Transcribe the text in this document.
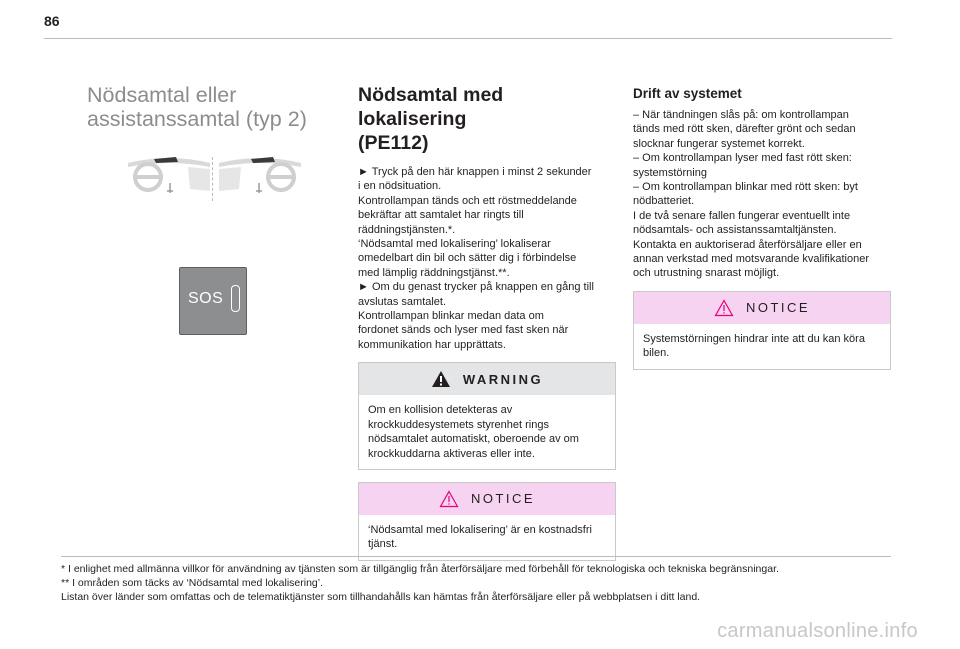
86
Nödsamtal eller
assistanssamtal (typ 2)
SOS
Nödsamtal med lokalisering
(PE112)

► Tryck på den här knappen i minst 2 sekunder
i en nödsituation.
Kontrollampan tänds och ett röstmeddelande
bekräftar att samtalet har ringts till
räddningstjänsten.*.
‘Nödsamtal med lokalisering’ lokaliserar
omedelbart din bil och sätter dig i förbindelse
med lämplig räddningstjänst.**.
► Om du genast trycker på knappen en gång till
avslutas samtalet.
Kontrollampan blinkar medan data om
fordonet sänds och lyser med fast sken när
kommunikation har upprättats.

WARNING
Om en kollision detekteras av
krockkuddesystemets styrenhet rings
nödsamtalet automatiskt, oberoende av om
krockkuddarna aktiveras eller inte.
NOTICE
‘Nödsamtal med lokalisering’ är en kostnadsfri
tjänst.
Drift av systemet

– När tändningen slås på: om kontrollampan
tänds med rött sken, därefter grönt och sedan
slocknar fungerar systemet korrekt.
– Om kontrollampan lyser med fast rött sken:
systemstörning
– Om kontrollampan blinkar med rött sken: byt
nödbatteriet.
I de två senare fallen fungerar eventuellt inte
nödsamtals- och assistanssamtaltjänsten.
Kontakta en auktoriserad återförsäljare eller en
annan verkstad med motsvarande kvalifikationer
och utrustning snarast möjligt.

NOTICE
Systemstörningen hindrar inte att du kan köra
bilen.
* I enlighet med allmänna villkor för användning av tjänsten som är tillgänglig från återförsäljare med förbehåll för teknologiska och tekniska begränsningar.
** I områden som täcks av ‘Nödsamtal med lokalisering’.
Listan över länder som omfattas och de telematiktjänster som tillhandahålls kan hämtas från återförsäljare eller på webbplatsen i ditt land.
carmanualsonline.info
